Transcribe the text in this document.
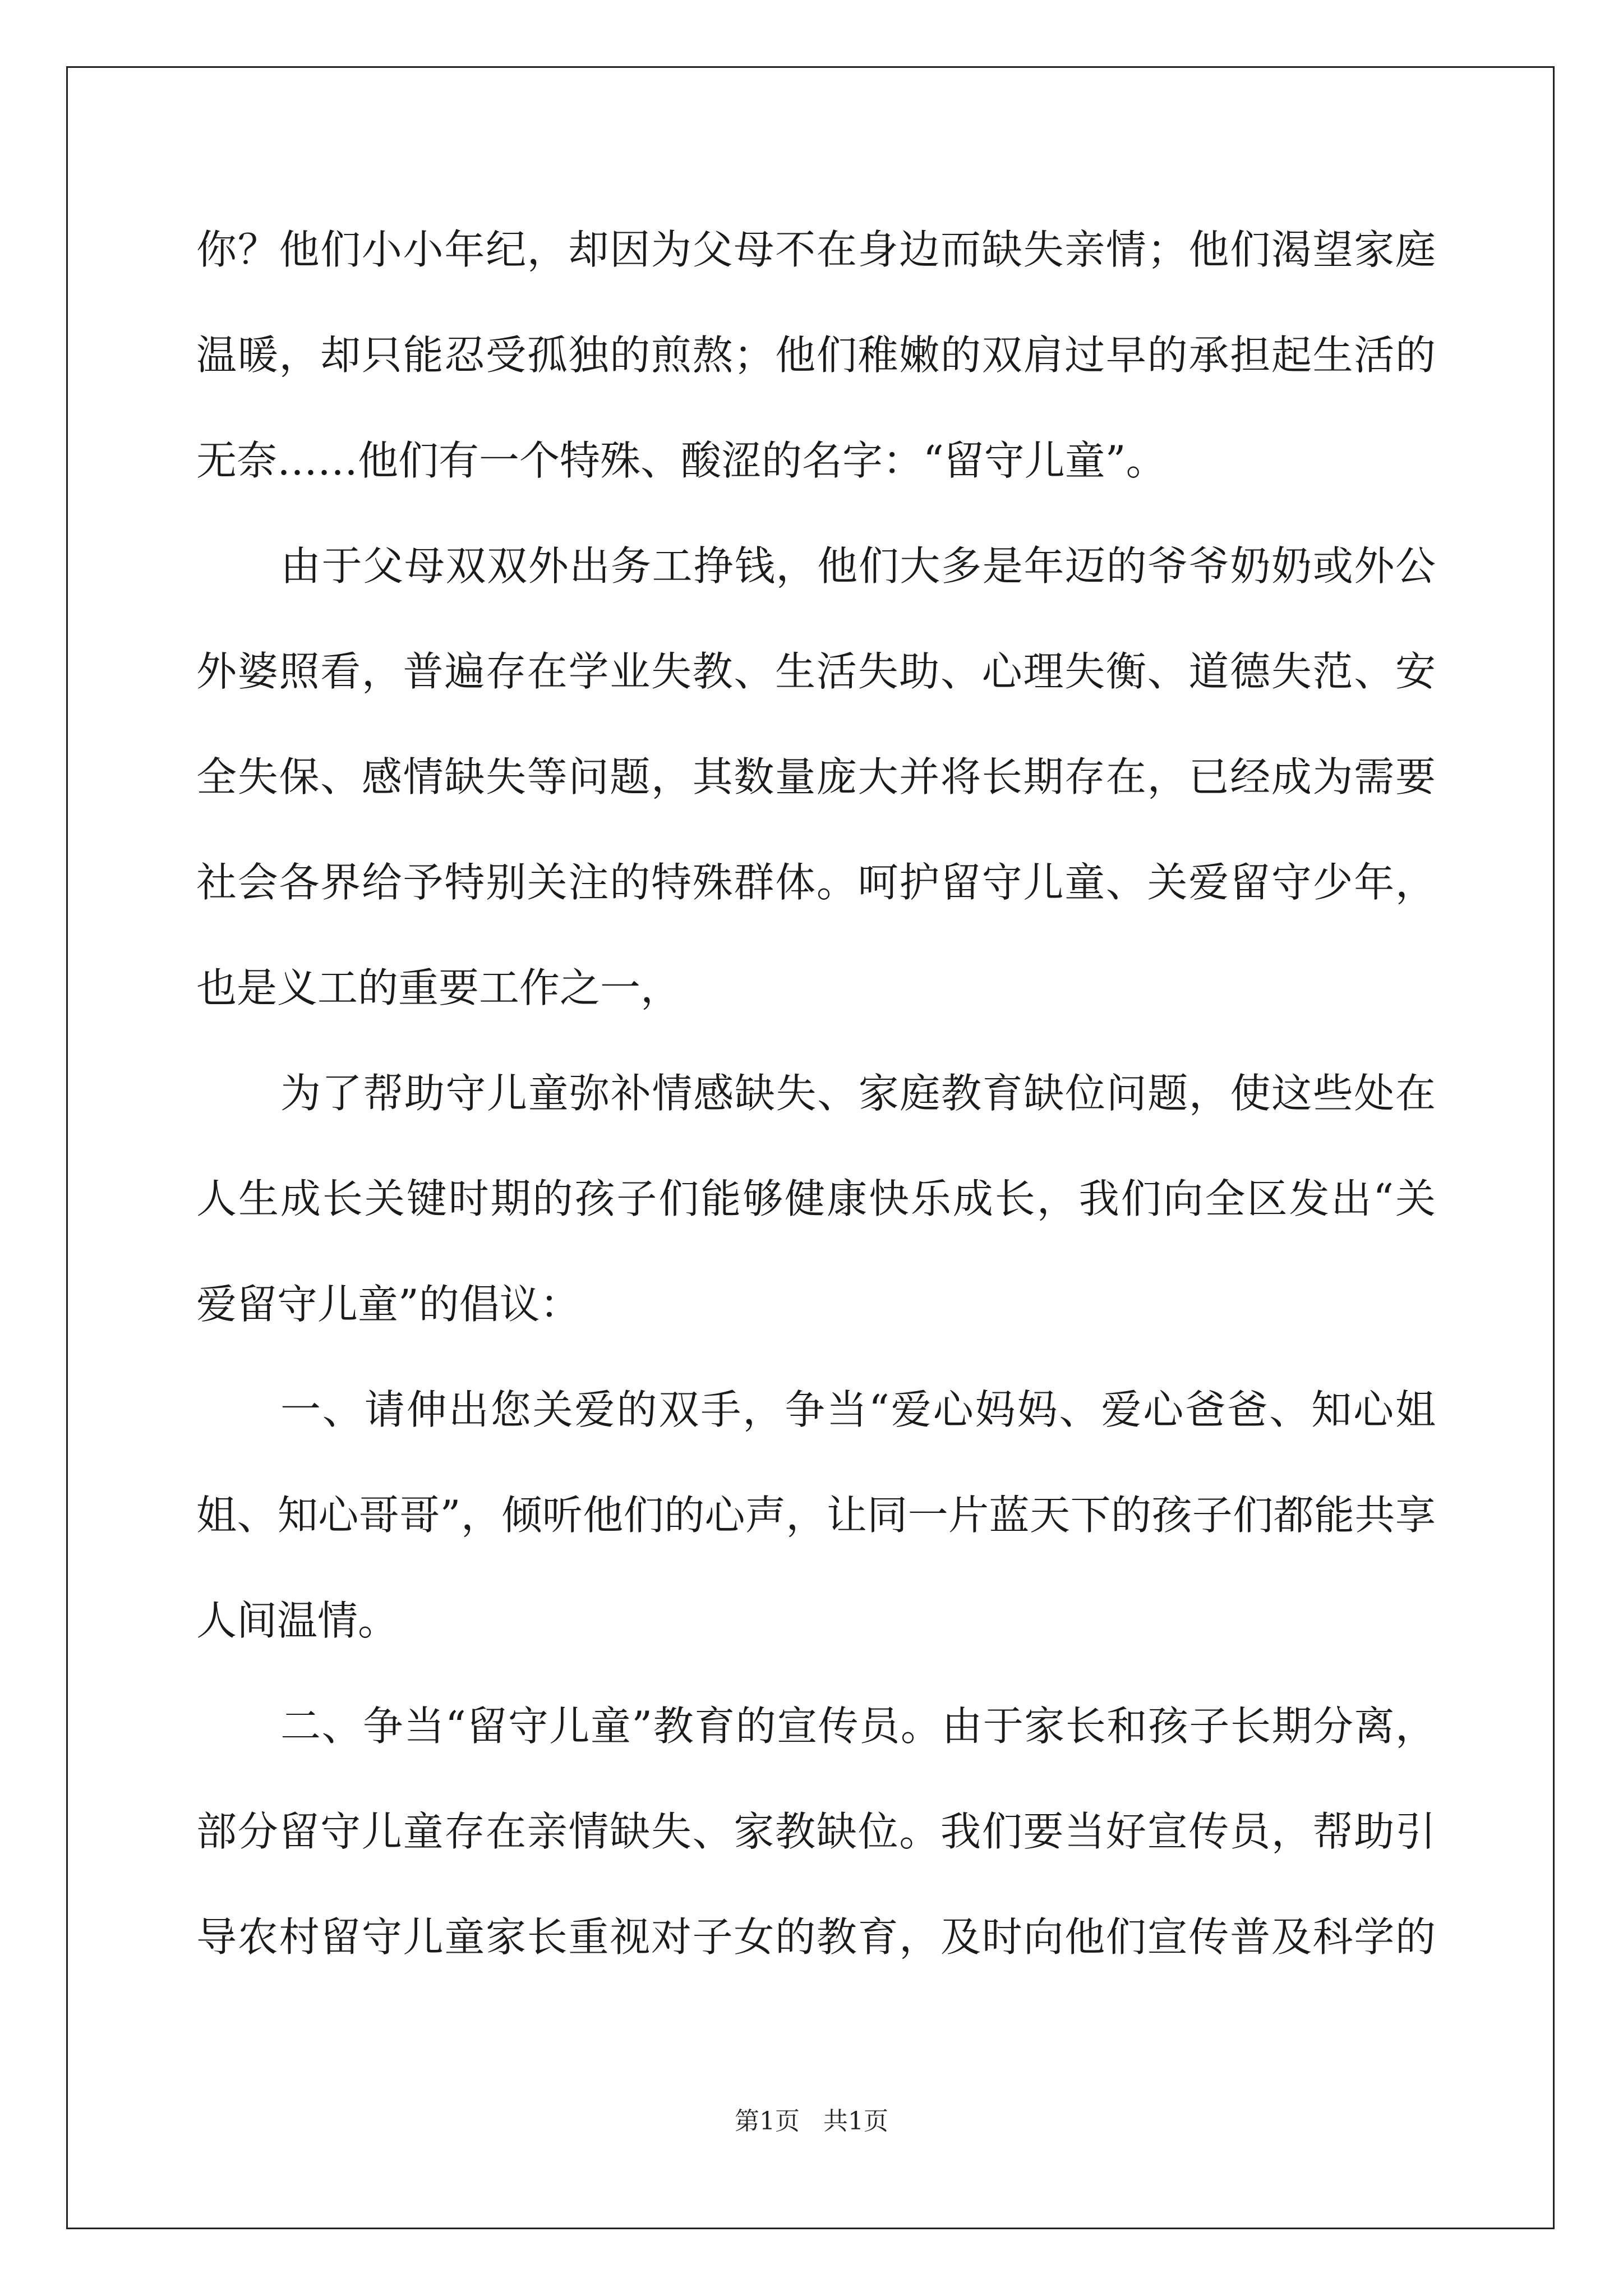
你？他们小小年纪，却因为父母不在身边而缺失亲情；他们渴望家庭
温暖，却只能忍受孤独的煎熬；他们稚嫩的双肩过早的承担起生活的
无奈……他们有一个特殊、酸涩的名字：“留守儿童”。
由于父母双双外出务工挣钱，他们大多是年迈的爷爷奶奶或外公
外婆照看，普遍存在学业失教、生活失助、心理失衡、道德失范、安
全失保、感情缺失等问题，其数量庞大并将长期存在，已经成为需要
社会各界给予特别关注的特殊群体。呵护留守儿童、关爱留守少年，
也是义工的重要工作之一，
为了帮助守儿童弥补情感缺失、家庭教育缺位问题，使这些处在
人生成长关键时期的孩子们能够健康快乐成长，我们向全区发出“关
爱留守儿童”的倡议：
一、请伸出您关爱的双手，争当“爱心妈妈、爱心爸爸、知心姐
姐、知心哥哥”，倾听他们的心声，让同一片蓝天下的孩子们都能共享
人间温情。
二、争当“留守儿童”教育的宣传员。由于家长和孩子长期分离，
部分留守儿童存在亲情缺失、家教缺位。我们要当好宣传员，帮助引
导农村留守儿童家长重视对子女的教育，及时向他们宣传普及科学的
第1页 共1页
